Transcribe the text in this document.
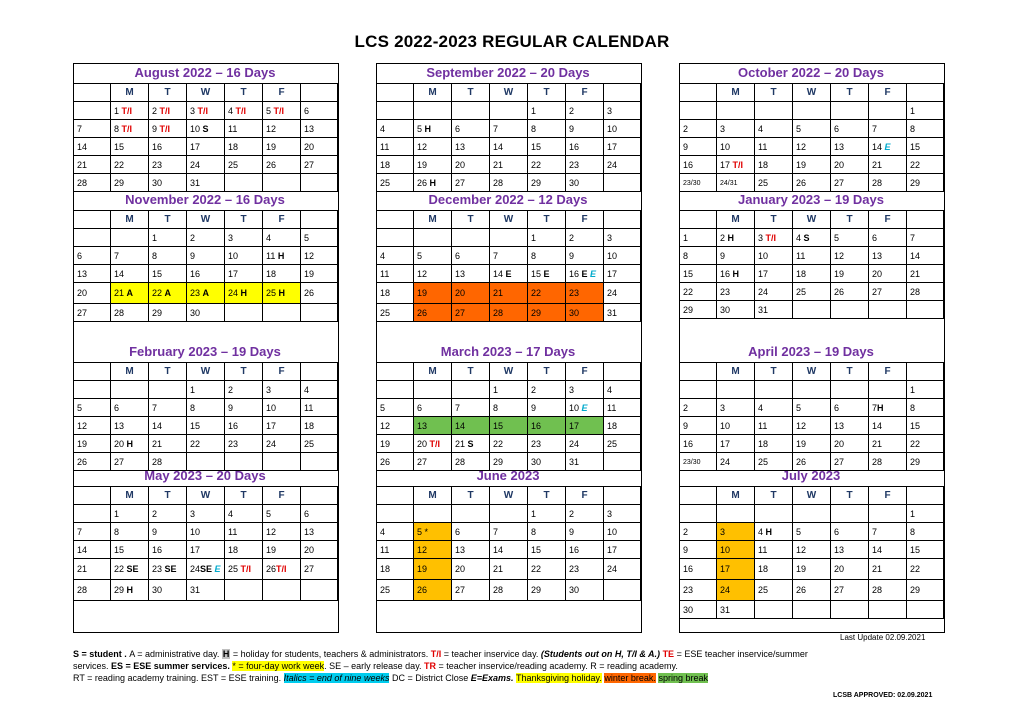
LCS 2022-2023 REGULAR CALENDAR
August 2022 – 16 Days
	M	T	W	T	F	
	1 T/I	2 T/I	3 T/I	4 T/I	5 T/I	6
7	8 T/I	9 T/I	10 S	11	12	13
14	15	16	17	18	19	20
21	22	23	24	25	26	27
28	29	30	31			
September 2022 – 20 Days
	M	T	W	T	F	
				1	2	3
4	5 H	6	7	8	9	10
11	12	13	14	15	16	17
18	19	20	21	22	23	24
25	26 H	27	28	29	30	
October 2022 – 20 Days
	M	T	W	T	F	
						1
2	3	4	5	6	7	8
9	10	11	12	13	14 E	15
16	17 T/I	18	19	20	21	22
23/30	24/31	25	26	27	28	29
November 2022 – 16 Days
	M	T	W	T	F	
		1	2	3	4	5
6	7	8	9	10	11 H	12
13	14	15	16	17	18	19
20	21 A	22 A	23 A	24 H	25 H	26
27	28	29	30			
December 2022 – 12 Days
	M	T	W	T	F	
				1	2	3
4	5	6	7	8	9	10
11	12	13	14 E	15 E	16 E E	17
18	19	20	21	22	23	24
25	26	27	28	29	30	31
January 2023 – 19 Days
	M	T	W	T	F	
1	2 H	3 T/I	4 S	5	6	7
8	9	10	11	12	13	14
15	16 H	17	18	19	20	21
22	23	24	25	26	27	28
29	30	31				
February 2023 – 19 Days
	M	T	W	T	F	
			1	2	3	4
5	6	7	8	9	10	11
12	13	14	15	16	17	18
19	20 H	21	22	23	24	25
26	27	28				
March 2023 – 17 Days
	M	T	W	T	F	
			1	2	3	4
5	6	7	8	9	10 E	11
12	13	14	15	16	17	18
19	20 T/I	21 S	22	23	24	25
26	27	28	29	30	31	
April 2023 – 19 Days
	M	T	W	T	F	
						1
2	3	4	5	6	7H	8
9	10	11	12	13	14	15
16	17	18	19	20	21	22
23/30	24	25	26	27	28	29
May 2023 – 20 Days
	M	T	W	T	F	
	1	2	3	4	5	6
7	8	9	10	11	12	13
14	15	16	17	18	19	20
21	22 SE	23 SE	24SE E	25 T/I	26T/I	27
28	29 H	30	31			
June 2023
	M	T	W	T	F	
				1	2	3
4	5 *	6	7	8	9	10
11	12	13	14	15	16	17
18	19	20	21	22	23	24
25	26	27	28	29	30	
July 2023
	M	T	W	T	F	
						1
2	3	4 H	5	6	7	8
9	10	11	12	13	14	15
16	17	18	19	20	21	22
23	24	25	26	27	28	29
30	31					
Last Update 02.09.2021

S = student . A = administrative day. H = holiday for students, teachers & administrators. T/I = teacher inservice day. (Students out on H, T/I & A.) TE = ESE teacher inservice/summer

services. ES = ESE summer services. * = four-day work week. SE – early release day. TR = teacher inservice/reading academy. R = reading academy.

RT = reading academy training. EST = ESE training. Italics = end of nine weeks DC = District Close E=Exams. Thanksgiving holiday. winter break. spring break

LCSB APPROVED: 02.09.2021
